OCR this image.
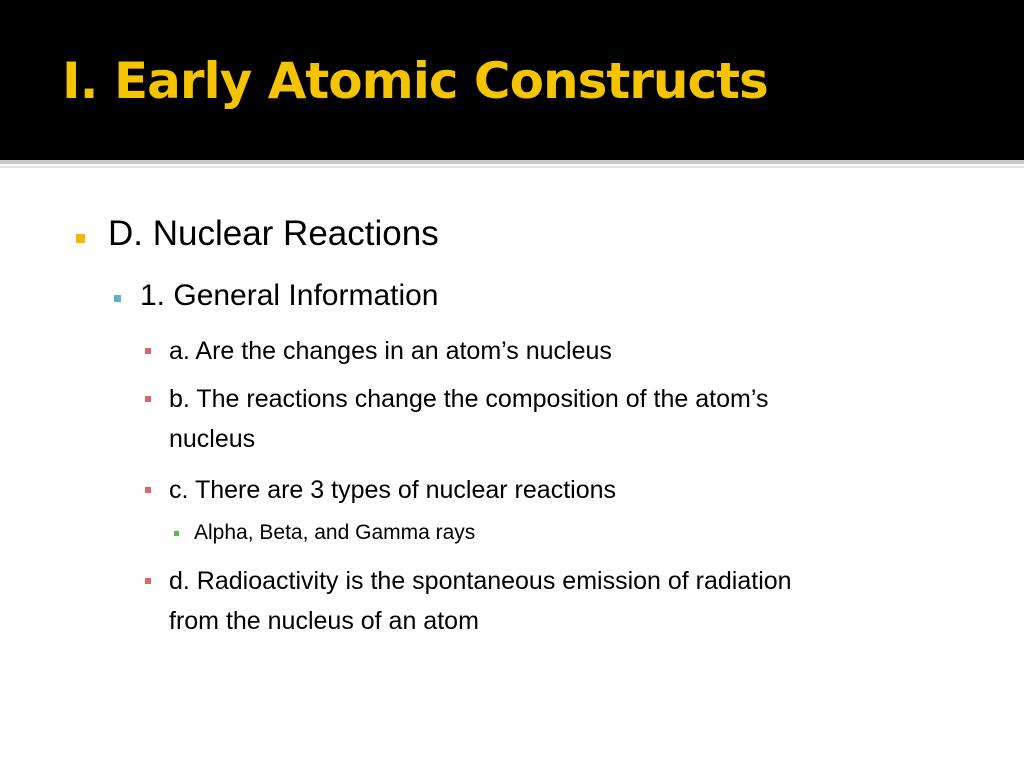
I. Early Atomic Constructs
D. Nuclear Reactions
1. General Information
a. Are the changes in an atom’s nucleus
b. The reactions change the composition of the atom’s
nucleus
c. There are 3 types of nuclear reactions
Alpha, Beta, and Gamma rays
d. Radioactivity is the spontaneous emission of radiation
from the nucleus of an atom
